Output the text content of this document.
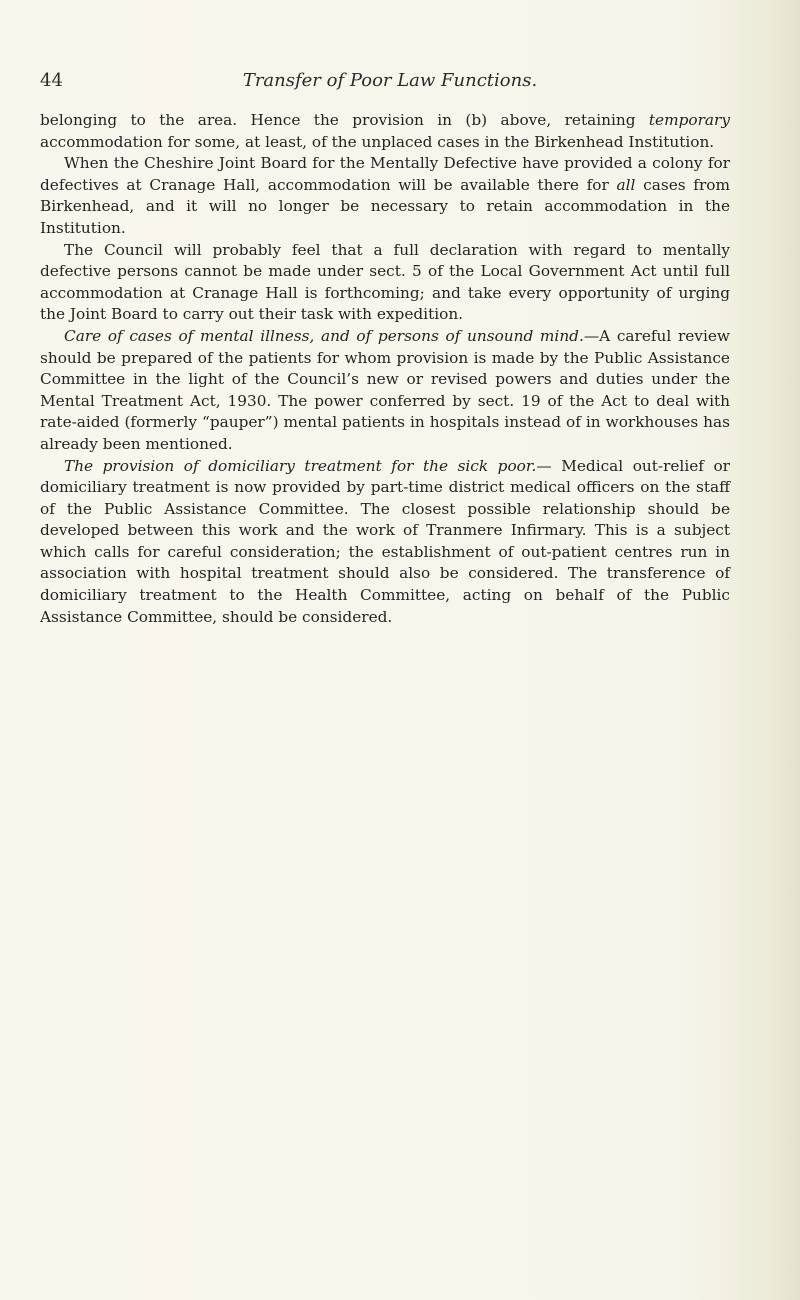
44	Transfer of Poor Law Functions.

belonging to the area. Hence the provision in (b) above, retaining temporary accommodation for some, at least, of the unplaced cases in the Birkenhead Institution.

When the Cheshire Joint Board for the Mentally Defective have provided a colony for defectives at Cranage Hall, accommodation will be available there for all cases from Birkenhead, and it will no longer be necessary to retain accommodation in the Institution.

The Council will probably feel that a full declaration with regard to mentally defective persons cannot be made under sect. 5 of the Local Government Act until full accommodation at Cranage Hall is forthcoming; and take every opportunity of urging the Joint Board to carry out their task with expedition.

Care of cases of mental illness, and of persons of unsound mind.—A careful review should be prepared of the patients for whom provision is made by the Public Assistance Committee in the light of the Council’s new or revised powers and duties under the Mental Treatment Act, 1930. The power conferred by sect. 19 of the Act to deal with rate-aided (formerly “pauper”) mental patients in hospitals instead of in workhouses has already been mentioned.

The provision of domiciliary treatment for the sick poor.— Medical out-relief or domiciliary treatment is now provided by part-time district medical officers on the staff of the Public Assistance Committee. The closest possible relationship should be developed between this work and the work of Tranmere Infirmary. This is a subject which calls for careful consideration; the establishment of out-patient centres run in association with hospital treatment should also be considered. The transference of domiciliary treatment to the Health Committee, acting on behalf of the Public Assistance Committee, should be considered.
